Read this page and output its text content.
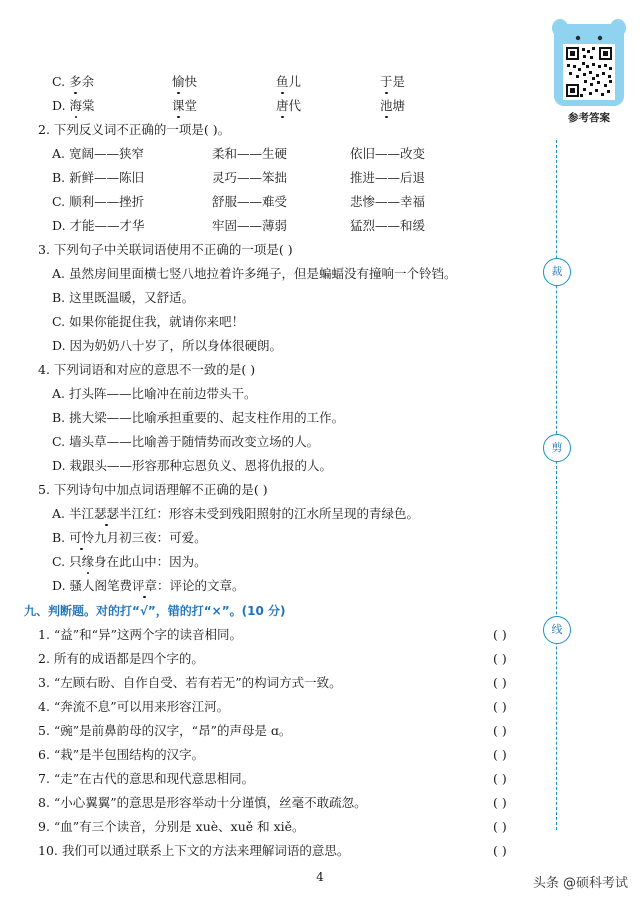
参考答案
裁
剪
线
C. 多余	愉快	鱼儿	于是
D. 海棠	课堂	唐代	池塘
2. 下列反义词不正确的一项是( )。
A. 宽阔——狭窄	柔和——生硬	依旧——改变
B. 新鲜——陈旧	灵巧——笨拙	推进——后退
C. 顺利——挫折	舒服——难受	悲惨——幸福
D. 才能——才华	牢固——薄弱	猛烈——和缓
3. 下列句子中关联词语使用不正确的一项是( )
A. 虽然房间里面横七竖八地拉着许多绳子，但是蝙蝠没有撞响一个铃铛。
B. 这里既温暖，又舒适。
C. 如果你能捉住我，就请你来吧！
D. 因为奶奶八十岁了，所以身体很硬朗。
4. 下列词语和对应的意思不一致的是( )
A. 打头阵——比喻冲在前边带头干。
B. 挑大梁——比喻承担重要的、起支柱作用的工作。
C. 墙头草——比喻善于随情势而改变立场的人。
D. 栽跟头——形容那种忘恩负义、恩将仇报的人。
5. 下列诗句中加点词语理解不正确的是( )
A. 半江瑟瑟半江红：形容未受到残阳照射的江水所呈现的青绿色。
B. 可怜九月初三夜：可爱。
C. 只缘身在此山中：因为。
D. 骚人阁笔费评章：评论的文章。
九、判断题。对的打“√”，错的打“×”。(10 分)
1. “益”和“异”这两个字的读音相同。	( )
2. 所有的成语都是四个字的。	( )
3. “左顾右盼、自作自受、若有若无”的构词方式一致。	( )
4. “奔流不息”可以用来形容江河。	( )
5. “豌”是前鼻韵母的汉字，“昂”的声母是 ɑ。	( )
6. “栽”是半包围结构的汉字。	( )
7. “走”在古代的意思和现代意思相同。	( )
8. “小心翼翼”的意思是形容举动十分谨慎，丝毫不敢疏忽。	( )
9. “血”有三个读音，分别是 xuè、xuě 和 xiě。	( )
10. 我们可以通过联系上下文的方法来理解词语的意思。	( )
4	头条 @硕科考试
